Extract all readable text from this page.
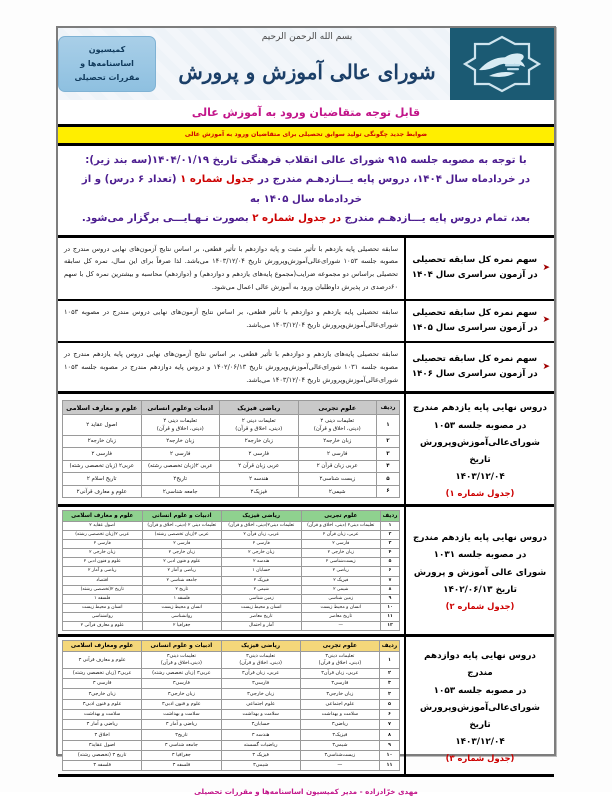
بسم الله الرحمن الرحیم
شورای عالی آموزش و پرورش
کمیسیون
اساسنامه‌ها و
مقررات تحصیلی
قابل توجه متقاضیان ورود به آموزش عالی
ضوابط جدید چگونگی تولید سوابق تحصیلی برای متقاضیان ورود به آموزش عالی
با توجه به مصوبه جلسه ۹۱۵ شورای عالی انقلاب فرهنگی تاریخ ۱۴۰۴/۰۱/۱۹(سه بند زیر):
در خردادماه سال ۱۴۰۴، دروس پایه یـــازدهـم مندرج در جدول شماره ۱ (تعداد ۶ درس) و از خردادماه سال ۱۴۰۵ به
بعد، تمام دروس پایه یـــازدهـم مندرج در جدول شماره ۲ بصورت نـهـایـــی برگزار می‌شود.
➤
سهم نمره کل سابقه تحصیلی
در آزمون سراسری سال ۱۴۰۴
سابقه تحصیلی پایه یازدهم با تأثیر مثبت و پایه دوازدهم با تأثیر قطعی، بر اساس نتایج آزمون‌های نهایی دروس مندرج در مصوبه جلسه ۱۰۵۳ شورای‌عالی‌آموزش‌وپرورش تاریخ ۱۴۰۳/۱۲/۰۴ می‌باشد. لذا صرفاً برای این سال، نمره کل سابقه تحصیلی براساس دو مجموعه ضرایب(مجموع پایه‌های یازدهم و دوازدهم) و (دوازدهم) محاسبه و بیشترین نمره کل با سهم ۶۰درصدی در پذیرش داوطلبان ورود به آموزش عالی اعمال می‌شود.
➤
سهم نمره کل سابقه تحصیلی
در آزمون سراسری سال ۱۴۰۵
سابقه تحصیلی پایه یازدهم و دوازدهم با تأثیر قطعی، بر اساس نتایج آزمون‌های نهایی دروس مندرج در مصوبه ۱۰۵۳ شورای‌عالی‌آموزش‌وپرورش تاریخ ۱۴۰۳/۱۲/۰۴ می‌باشد.
➤
سهم نمره کل سابقه تحصیلی
در آزمون سراسری سال ۱۴۰۶
سابقه تحصیلی پایه‌های یازدهم و دوازدهم با تأثیر قطعی، بر اساس نتایج آزمون‌های نهایی دروس پایه یازدهم مندرج در مصوبه جلسه ۱۰۳۱ شورای‌عالی‌آموزش‌وپرورش تاریخ ۱۴۰۲/۰۶/۱۳ و دروس پایه دوازدهم مندرج در مصوبه جلسه ۱۰۵۳ شورای‌عالی‌آموزش‌وپرورش تاریخ ۱۴۰۳/۱۲/۰۴ می‌باشد.
دروس نهایی پایه یازدهم مندرج
در مصوبه جلسه ۱۰۵۳
شورای‌عالی‌آموزش‌وپرورش تاریخ
۱۴۰۳/۱۲/۰۴
(جدول شماره ۱)
ردیف	علوم تجربی	ریاضی فیزیک	ادبیات وعلوم انسانی	علوم و معارف اسلامی
۱	تعلیمات دینی ۲
(دینی، اخلاق و قرآن)	تعلیمات دینی ۲
(دینی، اخلاق و قرآن)	تعلیمات دینی ۲
(دینی، اخلاق و قرآن)	اصول عقاید ۲
۲	زبان خارجه۲	زبان خارجه۲	زبان خارجه۲	زبان خارجه۲
۳	فارسی ۲	فارسی ۲	فارسی ۲	فارسی ۲
۴	عربی زبان قرآن ۲	عربی زبان قرآن ۲	عربی ۲(زبان تخصصی رشته)	عربی۲ (زبان تخصصی رشته)
۵	زیست شناسی۲	هندسه ۲	تاریخ۲	تاریخ اسلام ۲
۶	شیمی۲	فیزیک۲	جامعه شناسی۲	علوم و معارف قرآنی۲
دروس نهایی پایه یازدهم مندرج
در مصوبه جلسه ۱۰۳۱
شورای عالی آموزش و پرورش
تاریخ ۱۴۰۲/۰۶/۱۳
(جدول شماره ۲)
ردیف	علوم تجربی	ریاضی فیزیک	ادبیات و علوم انسانی	علوم و معارف اسلامی
۱	تعلیمات دینی۲ (دینی، اخلاق و قرآن)	تعلیمات دینی۲(دینی، اخلاق و قرآن)	تعلیمات دینی ۲ (دینی، اخلاق و قرآن)	اصول عقاید ۲
۲	عربی، زبان قرآن ۲	عربی، زبان قرآن ۲	عربی ۲(زبان تخصصی رشته)	عربی ۲(زبان تخصصی رشته)
۳	فارسی ۲	فارسی ۲	فارسی ۲	فارسی ۲
۴	زبان خارجی ۲	زبان خارجی ۲	زبان خارجی ۲	زبان خارجی ۲
۵	زیست‌شناسی ۲	هندسه ۲	علوم و فنون ادبی ۲	علوم و فنون ادبی ۲
۶	ریاضی ۲	حسابان ۱	ریاضی و آمار ۲	ریاضی و آمار ۲
۷	فیزیک ۲	فیزیک ۲	جامعه شناسی ۲	اقتصاد
۸	شیمی ۲	شیمی ۲	تاریخ ۲	تاریخ ۲(تخصصی رشته)
۹	زمین شناسی	زمین شناسی	فلسفه ۱	فلسفه ۱
۱۰	انسان و محیط زیست	انسان و محیط زیست	انسان و محیط زیست	انسان و محیط زیست
۱۱	تاریخ معاصر	تاریخ معاصر	روانشناسی	روانشناسی
۱۲	—	آمار و احتمال	جغرافیا ۲	علوم و معارف قرآنی ۲
دروس نهایی پایه دوازدهم مندرج
در مصوبه جلسه ۱۰۵۳
شورای‌عالی‌آموزش‌وپرورش تاریخ
۱۴۰۳/۱۲/۰۴
(جدول شماره ۳)
ردیف	علوم تجربی	ریاضی فیزیک	ادبیات و علوم انسانی	علوم ومعارف اسلامی
۱	تعلیمات دینی۳
(دینی، اخلاق و قرآن)	تعلیمات دینی۳
(دینی، اخلاق و قرآن)	تعلیمات دینی۳
(دینی،اخلاق و قرآن)	علوم و معارف قرآنی ۳
۲	عربی، زبان قرآن۳	عربی، زبان قرآن۳	عربی۳ (زبان تخصصی رشته)	عربی۳ (زبان تخصصی رشته)
۳	فارسی۳	فارسی۳	فارسی۳	فارسی ۳
۴	زبان خارجی۳	زبان خارجی۳	زبان خارجی۳	زبان خارجی۳
۵	علوم اجتماعی	علوم اجتماعی	علوم و فنون ادبی۳	علوم و فنون ادبی۳
۶	سلامت و بهداشت	سلامت و بهداشت	سلامت و بهداشت	سلامت و بهداشت
۷	ریاضی۳	حسابان۳	ریاضی و آمار ۳	ریاضی و آمار ۳
۸	فیزیک۳	هندسه ۳	تاریخ۳	اخلاق ۳
۹	شیمی۳	ریاضیات گسسته	جامعه شناسی ۳	اصول عقاید۳
۱۰	زیست‌شناسی۳	فیزیک ۳	جغرافیا ۳	تاریخ ۳ (تخصصی رشته)
۱۱	—	شیمی۳	فلسفه ۳	فلسفه ۳
مهدی خرّادزاده - مدیر کمیسیون اساسنامه‌ها و مقررات تحصیلی
